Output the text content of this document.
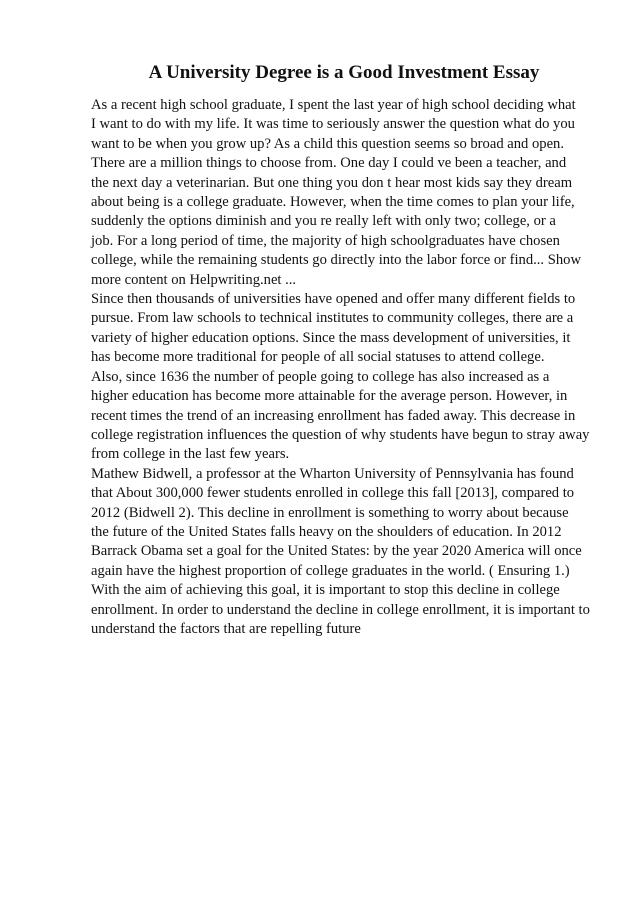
A University Degree is a Good Investment Essay
As a recent high school graduate, I spent the last year of high school deciding what
I want to do with my life. It was time to seriously answer the question what do you
want to be when you grow up? As a child this question seems so broad and open.
There are a million things to choose from. One day I could ve been a teacher, and
the next day a veterinarian. But one thing you don t hear most kids say they dream
about being is a college graduate. However, when the time comes to plan your life,
suddenly the options diminish and you re really left with only two; college, or a
job. For a long period of time, the majority of high schoolgraduates have chosen
college, while the remaining students go directly into the labor force or find... Show
more content on Helpwriting.net ...
Since then thousands of universities have opened and offer many different fields to
pursue. From law schools to technical institutes to community colleges, there are a
variety of higher education options. Since the mass development of universities, it
has become more traditional for people of all social statuses to attend college.
Also, since 1636 the number of people going to college has also increased as a
higher education has become more attainable for the average person. However, in
recent times the trend of an increasing enrollment has faded away. This decrease in
college registration influences the question of why students have begun to stray away
from college in the last few years.
Mathew Bidwell, a professor at the Wharton University of Pennsylvania has found
that About 300,000 fewer students enrolled in college this fall [2013], compared to
2012 (Bidwell 2). This decline in enrollment is something to worry about because
the future of the United States falls heavy on the shoulders of education. In 2012
Barrack Obama set a goal for the United States: by the year 2020 America will once
again have the highest proportion of college graduates in the world. ( Ensuring 1.)
With the aim of achieving this goal, it is important to stop this decline in college
enrollment. In order to understand the decline in college enrollment, it is important to
understand the factors that are repelling future
